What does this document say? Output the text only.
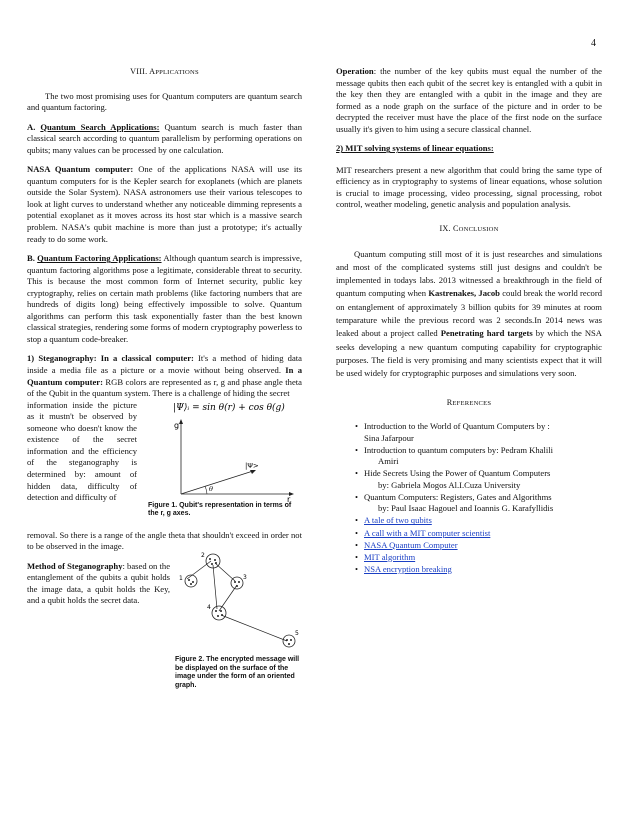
4
VIII. APPLICATIONS

The two most promising uses for Quantum computers are quantum search and quantum factoring.

A. Quantum Search Applications: Quantum search is much faster than classical search according to quantum parallelism by performing operations on qubits; many values can be processed by one calculation.

NASA Quantum computer: One of the applications NASA will use its quantum computers for is the Kepler search for exoplanets (which are planets outside the Solar System). NASA astronomers use their various telescopes to look at light curves to understand whether any noticeable dimming represents a potential exoplanet as it moves across its host star which is a massive search problem. NASA's qubit machine is more than just a prototype; it's actually ready to do some work.

B. Quantum Factoring Applications: Although quantum search is impressive, quantum factoring algorithms pose a legitimate, considerable threat to security. This is because the most common form of Internet security, public key cryptography, relies on certain math problems (like factoring numbers that are hundreds of digits long) being effectively impossible to solve. Quantum algorithms can perform this task exponentially faster than the best known classical strategies, rendering some forms of modern cryptography powerless to stop a quantum code-breaker.

1) Steganography: In a classical computer: It's a method of hiding data inside a media file as a picture or a movie without being observed. In a Quantum computer: RGB colors are represented as r, g and phase angle theta of the Qubit in the quantum system. There is a challenge of hiding the secret

information inside the picture as it mustn't be observed by someone who doesn't know the existence of the secret information and the efficiency of the steganography is determined by: amount of hidden data, difficulty of detection and difficulty of
|Ψ⟩ᵢ = sin θ(r) + cos θ(g)
g
r
|Ψ>
θ
Figure 1. Qubit's representation in terms of the r, g axes.

removal. So there is a range of the angle theta that shouldn't exceed in order not to be observed in the image.

Method of Steganography: based on the entanglement of the qubits a qubit holds the image data, a qubit holds the Key, and a qubit holds the secret data.
1
2
3
4
5
Figure 2. The encrypted message will be displayed on the surface of the image under the form of an oriented graph.

Operation: the number of the key qubits must equal the number of the message qubits then each qubit of the secret key is entangled with a qubit in the key then they are entangled with a qubit in the image and they are formed as a node graph on the surface of the picture and in order to be decrypted the receiver must have the place of the first node on the surface usually it's given to him using a secure classical channel.

2) MIT solving systems of linear equations:

MIT researchers present a new algorithm that could bring the same type of efficiency as in cryptography to systems of linear equations, whose solution is crucial to image processing, video processing, signal processing, robot control, weather modeling, genetic analysis and population analysis.

IX. CONCLUSION

Quantum computing still most of it is just researches and simulations and most of the complicated systems still just designs and couldn't be implemented in todays labs. 2013 witnessed a breakthrough in the field of quantum computing when Kastrenakes, Jacob could break the world record on entanglement of approximately 3 billion qubits for 39 minutes at room temparature while the previous record was 2 seconds.In 2014 news was leaked about a project called Penetrating hard targets by which the NSA seeks developing a new quantum computing capability for cryptographic purposes. The field is very promising and many scientists expect that it will be used widely for cryptographic purposes and simulations very soon.

REFERENCES
• Introduction to the World of Quantum Computers by :
Sina Jafarpour
• Introduction to quantum computers by: Pedram Khalili
Amiri
• Hide Secrets Using the Power of Quantum Computers
by: Gabriela Mogos Al.I.Cuza University
• Quantum Computers: Registers, Gates and Algorithms
by: Paul Isaac Hagouel and Ioannis G. Karafyllidis
• A tale of two qubits
• A call with a MIT computer scientist
• NASA Quantum Computer
• MIT algorithm
• NSA encryption breaking
